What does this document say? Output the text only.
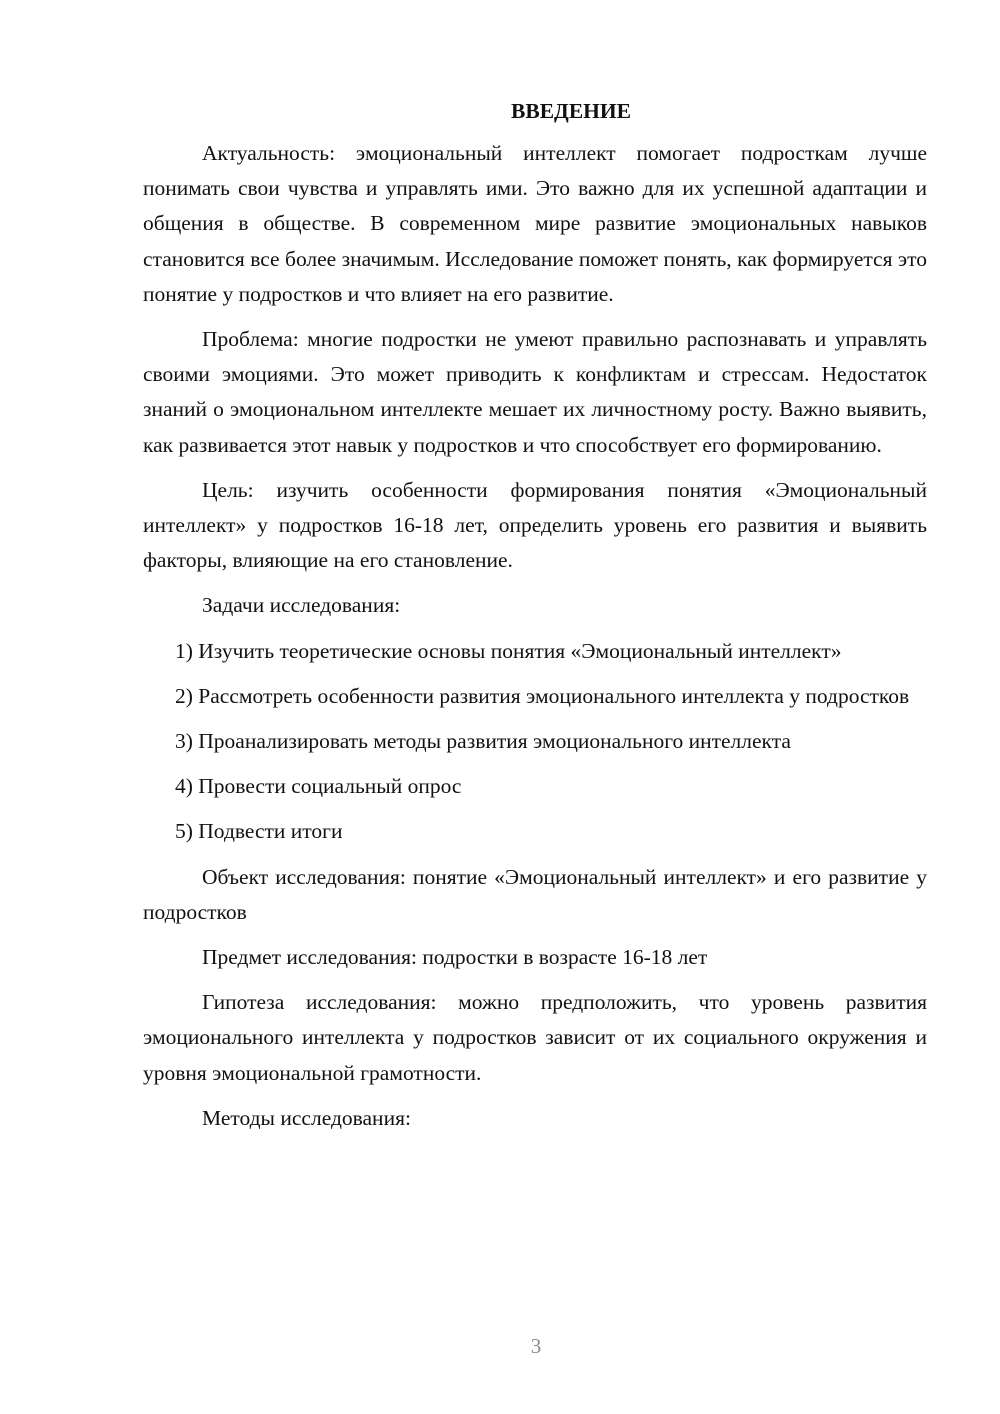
ВВЕДЕНИЕ

Актуальность: эмоциональный интеллект помогает подросткам лучше понимать свои чувства и управлять ими. Это важно для их успешной адаптации и общения в обществе. В современном мире развитие эмоциональных навыков становится все более значимым. Исследование поможет понять, как формируется это понятие у подростков и что влияет на его развитие.

Проблема: многие подростки не умеют правильно распознавать и управлять своими эмоциями. Это может приводить к конфликтам и стрессам. Недостаток знаний о эмоциональном интеллекте мешает их личностному росту. Важно выявить, как развивается этот навык у подростков и что способствует его формированию.

Цель: изучить особенности формирования понятия «Эмоциональный интеллект» у подростков 16-18 лет, определить уровень его развития и выявить факторы, влияющие на его становление.

Задачи исследования:

1) Изучить теоретические основы понятия «Эмоциональный интеллект»

2) Рассмотреть особенности развития эмоционального интеллекта у подростков

3) Проанализировать методы развития эмоционального интеллекта

4) Провести социальный опрос

5) Подвести итоги

Объект исследования: понятие «Эмоциональный интеллект» и его развитие у подростков

Предмет исследования: подростки в возрасте 16-18 лет

Гипотеза исследования: можно предположить, что уровень развития эмоционального интеллекта у подростков зависит от их социального окружения и уровня эмоциональной грамотности.

Методы исследования:

3
